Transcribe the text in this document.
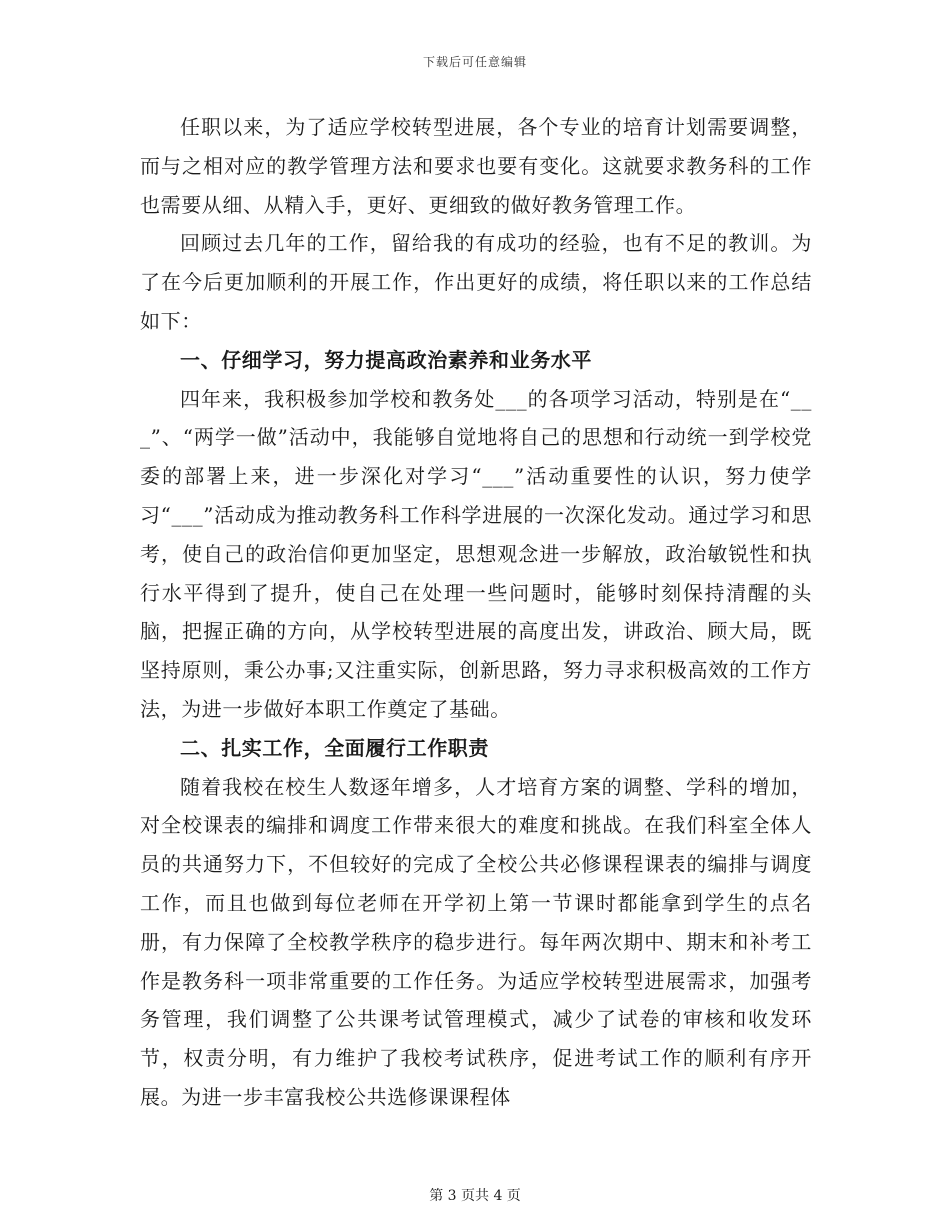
下载后可任意编辑

任职以来，为了适应学校转型进展，各个专业的培育计划需要调整，而与之相对应的教学管理方法和要求也要有变化。这就要求教务科的工作也需要从细、从精入手，更好、更细致的做好教务管理工作。

回顾过去几年的工作，留给我的有成功的经验，也有不足的教训。为了在今后更加顺利的开展工作，作出更好的成绩，将任职以来的工作总结如下：

一、仔细学习，努力提高政治素养和业务水平

四年来，我积极参加学校和教务处___的各项学习活动，特别是在“___”、“两学一做”活动中，我能够自觉地将自己的思想和行动统一到学校党委的部署上来，进一步深化对学习“___”活动重要性的认识，努力使学习“___”活动成为推动教务科工作科学进展的一次深化发动。通过学习和思考，使自己的政治信仰更加坚定，思想观念进一步解放，政治敏锐性和执行水平得到了提升，使自己在处理一些问题时，能够时刻保持清醒的头脑，把握正确的方向，从学校转型进展的高度出发，讲政治、顾大局，既坚持原则，秉公办事;又注重实际，创新思路，努力寻求积极高效的工作方法，为进一步做好本职工作奠定了基础。

二、扎实工作，全面履行工作职责

随着我校在校生人数逐年增多，人才培育方案的调整、学科的增加，对全校课表的编排和调度工作带来很大的难度和挑战。在我们科室全体人员的共通努力下，不但较好的完成了全校公共必修课程课表的编排与调度工作，而且也做到每位老师在开学初上第一节课时都能拿到学生的点名册，有力保障了全校教学秩序的稳步进行。每年两次期中、期末和补考工作是教务科一项非常重要的工作任务。为适应学校转型进展需求，加强考务管理，我们调整了公共课考试管理模式，减少了试卷的审核和收发环节，权责分明，有力维护了我校考试秩序，促进考试工作的顺利有序开展。为进一步丰富我校公共选修课课程体

第 3 页共 4 页
